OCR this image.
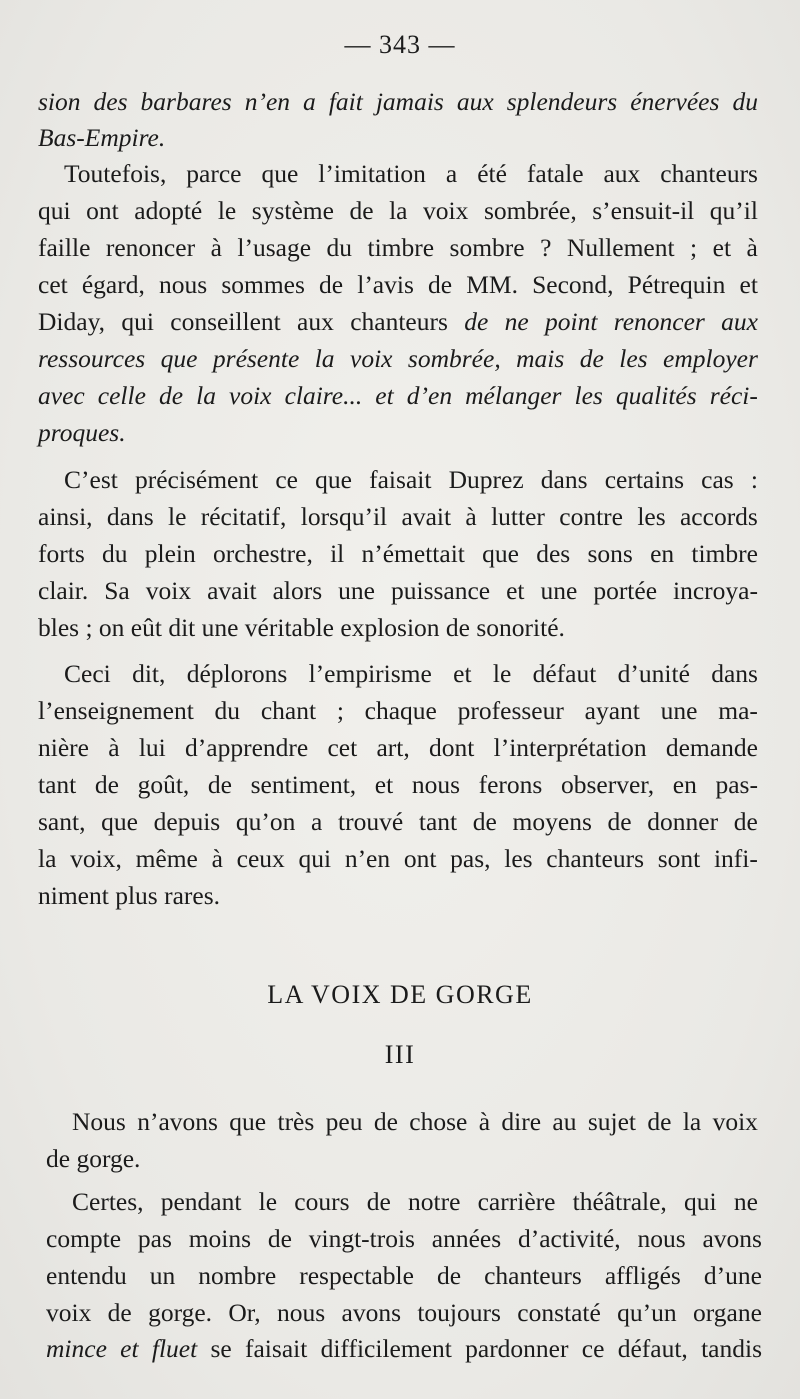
— 343 —
LA VOIX DE GORGE
III
sion des barbares n’en a fait jamais aux splendeurs énervées du
Bas-Empire.
Toutefois, parce que l’imitation a été fatale aux chanteurs
qui ont adopté le système de la voix sombrée, s’ensuit-il qu’il
faille renoncer à l’usage du timbre sombre ? Nullement ; et à
cet égard, nous sommes de l’avis de MM. Second, Pétrequin et
Diday, qui conseillent aux chanteurs de ne point renoncer aux
ressources que présente la voix sombrée, mais de les employer
avec celle de la voix claire... et d’en mélanger les qualités réci-
proques.
C’est précisément ce que faisait Duprez dans certains cas :
ainsi, dans le récitatif, lorsqu’il avait à lutter contre les accords
forts du plein orchestre, il n’émettait que des sons en timbre
clair. Sa voix avait alors une puissance et une portée incroya-
bles ; on eût dit une véritable explosion de sonorité.
Ceci dit, déplorons l’empirisme et le défaut d’unité dans
l’enseignement du chant ; chaque professeur ayant une ma-
nière à lui d’apprendre cet art, dont l’interprétation demande
tant de goût, de sentiment, et nous ferons observer, en pas-
sant, que depuis qu’on a trouvé tant de moyens de donner de
la voix, même à ceux qui n’en ont pas, les chanteurs sont infi-
niment plus rares.
Nous n’avons que très peu de chose à dire au sujet de la voix
de gorge.
Certes, pendant le cours de notre carrière théâtrale, qui ne
compte pas moins de vingt-trois années d’activité, nous avons
entendu un nombre respectable de chanteurs affligés d’une
voix de gorge. Or, nous avons toujours constaté qu’un organe
mince et fluet se faisait difficilement pardonner ce défaut, tandis
